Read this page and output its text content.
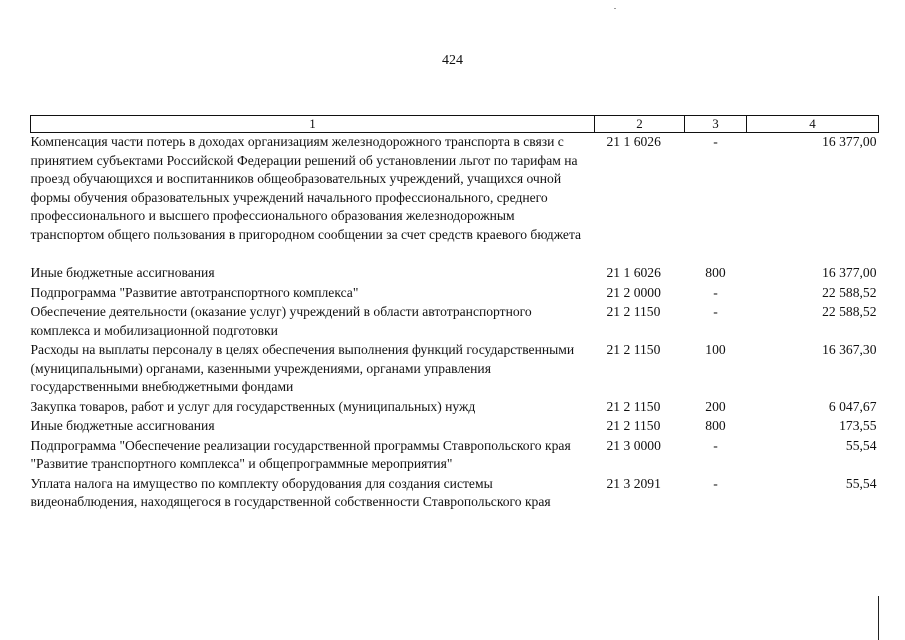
424
1	2	3	4
Компенсация части потерь в доходах организациям железнодорожного транспорта в связи с принятием субъектами Российской Федерации решений об установлении льгот по тарифам на проезд обучающихся и воспитанников общеобразовательных учреждений, учащихся очной формы обучения образовательных учреждений начального профессионального, среднего профессионального и высшего профессионального образования железнодорожным транспортом общего пользования в пригородном сообщении за счет средств краевого бюджета	21 1 6026	-	16 377,00
Иные бюджетные ассигнования	21 1 6026	800	16 377,00
Подпрограмма "Развитие автотранспортного комплекса"	21 2 0000	-	22 588,52
Обеспечение деятельности (оказание услуг) учреждений в области автотранспортного комплекса и мобилизационной подготовки	21 2 1150	-	22 588,52
Расходы на выплаты персоналу в целях обеспечения выполнения функций государственными (муниципальными) органами, казенными учреждениями, органами управления государственными внебюджетными фондами	21 2 1150	100	16 367,30
Закупка товаров, работ и услуг для государственных (муниципальных) нужд	21 2 1150	200	6 047,67
Иные бюджетные ассигнования	21 2 1150	800	173,55
Подпрограмма "Обеспечение реализации государственной программы Ставропольского края "Развитие транспортного комплекса" и общепрограммные мероприятия"	21 3 0000	-	55,54
Уплата налога на имущество по комплекту оборудования для создания системы видеонаблюдения, находящегося в государственной собственности Ставропольского края	21 3 2091	-	55,54
